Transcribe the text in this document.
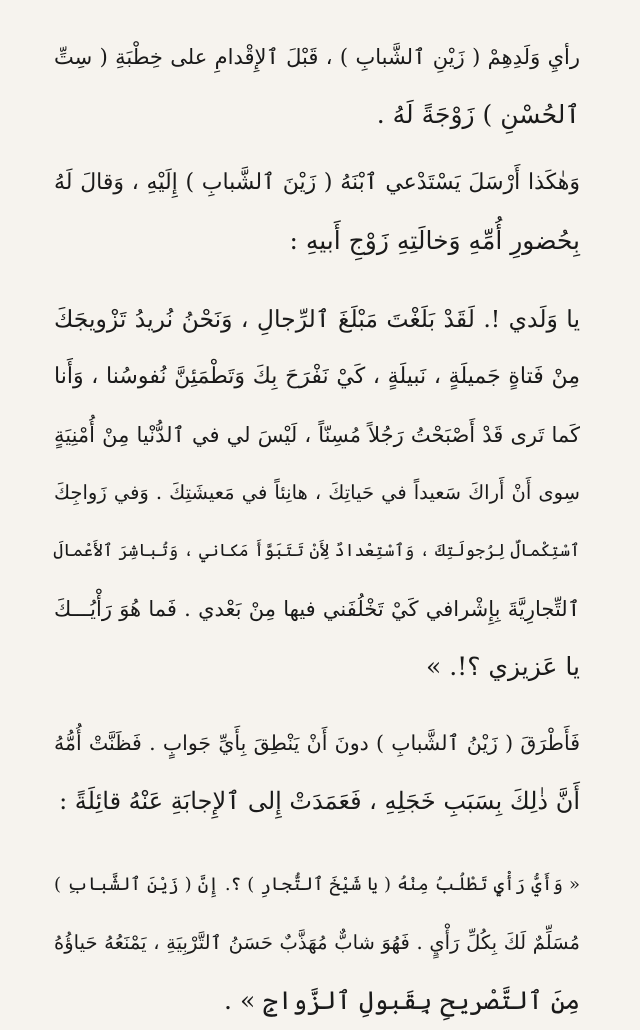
رأيِ وَلَدِهِمْ ( زَيْنِ ٱلشَّبابِ ) ، قَبْلَ ٱلإِقْدامِ على خِطْبَةِ ( سِتِّ
ٱلحُسْنِ ) زَوْجَةً لَهُ .
وَهٰكَذا أَرْسَلَ يَسْتَدْعي ٱبْنَهُ ( زَيْنَ ٱلشَّبابِ ) إِلَيْهِ ، وَقالَ لَهُ
بِحُضورِ أُمِّهِ وَخالَتِهِ زَوْجِ أَبيهِ :
يا وَلَدي !. لَقَدْ بَلَغْتَ مَبْلَغَ ٱلرِّجالِ ، وَنَحْنُ نُريدُ تَزْويجَكَ
مِنْ فَتاةٍ جَميلَةٍ ، نَبيلَةٍ ، كَيْ نَفْرَحَ بِكَ وَتَطْمَئِنَّ نُفوسُنا ، وَأَنا
كَما تَرى قَدْ أَصْبَحْتُ رَجُلاً مُسِنّاً ، لَيْسَ لي في ٱلدُّنْيا مِنْ أُمْنِيَةٍ
سِوى أَنْ أَراكَ سَعيداً في حَياتِكَ ، هانِئاً في مَعيشَتِكَ . وَفي زَواجِكَ
ٱسْتِكْمالٌ لِرُجولَتِكَ ، وَٱسْتِعْدادٌ لِأَنْ تَتَبَوَّأَ مَكاني ، وَتُباشِرَ ٱلأَعْمالَ
ٱلتِّجارِيَّةَ بِإِشْرافي كَيْ تَخْلُفَني فيها مِنْ بَعْدي . فَما هُوَ رَأْيُـــكَ
يا عَزيزي ؟!. »
فَأَطْرَقَ ( زَيْنُ ٱلشَّبابِ ) دونَ أَنْ يَنْطِقَ بِأَيِّ جَوابٍ . فَظَنَّتْ أُمُّهُ
أَنَّ ذٰلِكَ بِسَبَبِ خَجَلِهِ ، فَعَمَدَتْ إِلى ٱلإِجابَةِ عَنْهُ قائِلَةً :
« وَأَيُّ رَأْيٍ تَطْلُبُ مِنْهُ ( يا شَيْخَ ٱلتُّجارِ ) ؟. إِنَّ ( زَيْنَ ٱلشَّبابِ )
مُسَلِّمٌ لَكَ بِكُلِّ رَأْيٍ . فَهُوَ شابٌّ مُهَذَّبٌ حَسَنُ ٱلتَّرْبِيَةِ ، يَمْنَعُهُ حَياؤُهُ
مِنَ ٱلتَّصْريحِ بِقَبولِ ٱلزَّواجِ » .
